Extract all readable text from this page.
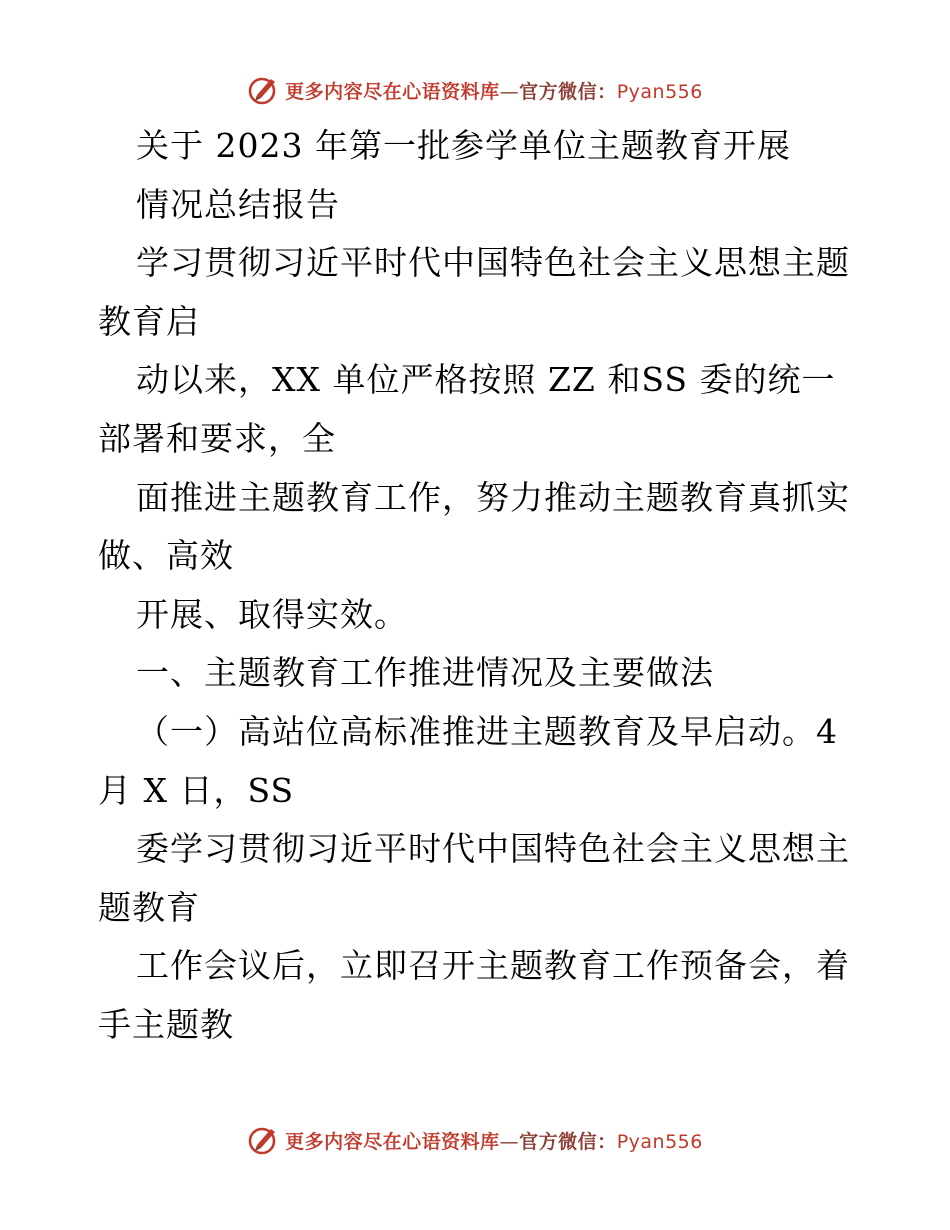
更多内容尽在心语资料库—官方微信：Pyan556
关于 2023 年第一批参学单位主题教育开展
情况总结报告
学习贯彻习近平时代中国特色社会主义思想主题
教育启
动以来，XX 单位严格按照 ZZ 和SS 委的统一
部署和要求，全
面推进主题教育工作，努力推动主题教育真抓实
做、高效
开展、取得实效。
一、主题教育工作推进情况及主要做法
（一）高站位高标准推进主题教育及早启动。4
月 X 日，SS
委学习贯彻习近平时代中国特色社会主义思想主
题教育
工作会议后，立即召开主题教育工作预备会，着
手主题教
更多内容尽在心语资料库—官方微信：Pyan556
